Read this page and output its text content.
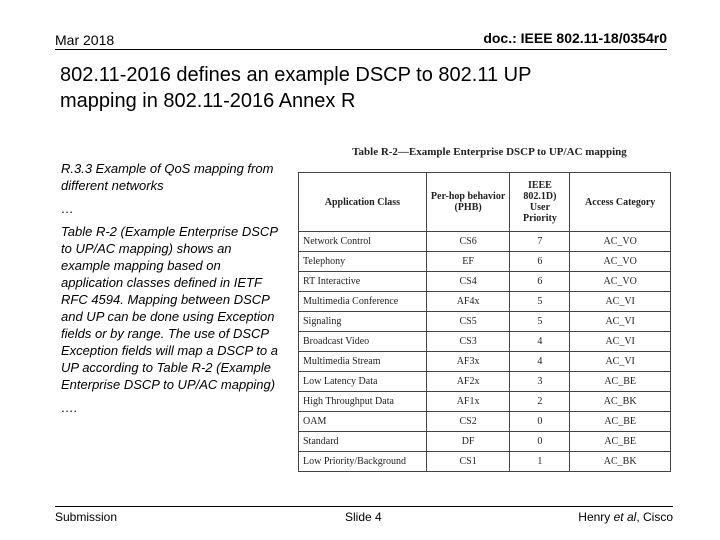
Mar 2018	doc.: IEEE 802.11-18/0354r0
802.11-2016 defines an example DSCP to 802.11 UP
mapping in 802.11-2016 Annex R

R.3.3 Example of QoS mapping from different networks

…

Table R-2 (Example Enterprise DSCP to UP/AC mapping) shows an example mapping based on application classes defined in IETF RFC 4594. Mapping between DSCP and UP can be done using Exception fields or by range. The use of DSCP Exception fields will map a DSCP to a UP according to Table R-2 (Example Enterprise DSCP to UP/AC mapping)

….

Table R-2—Example Enterprise DSCP to UP/AC mapping
Application Class	Per-hop behavior (PHB)	IEEE 802.1D) User Priority	Access Category
Network Control	CS6	7	AC_VO
Telephony	EF	6	AC_VO
RT Interactive	CS4	6	AC_VO
Multimedia Conference	AF4x	5	AC_VI
Signaling	CS5	5	AC_VI
Broadcast Video	CS3	4	AC_VI
Multimedia Stream	AF3x	4	AC_VI
Low Latency Data	AF2x	3	AC_BE
High Throughput Data	AF1x	2	AC_BK
OAM	CS2	0	AC_BE
Standard	DF	0	AC_BE
Low Priority/Background	CS1	1	AC_BK
Submission	Slide 4	Henry et al, Cisco
